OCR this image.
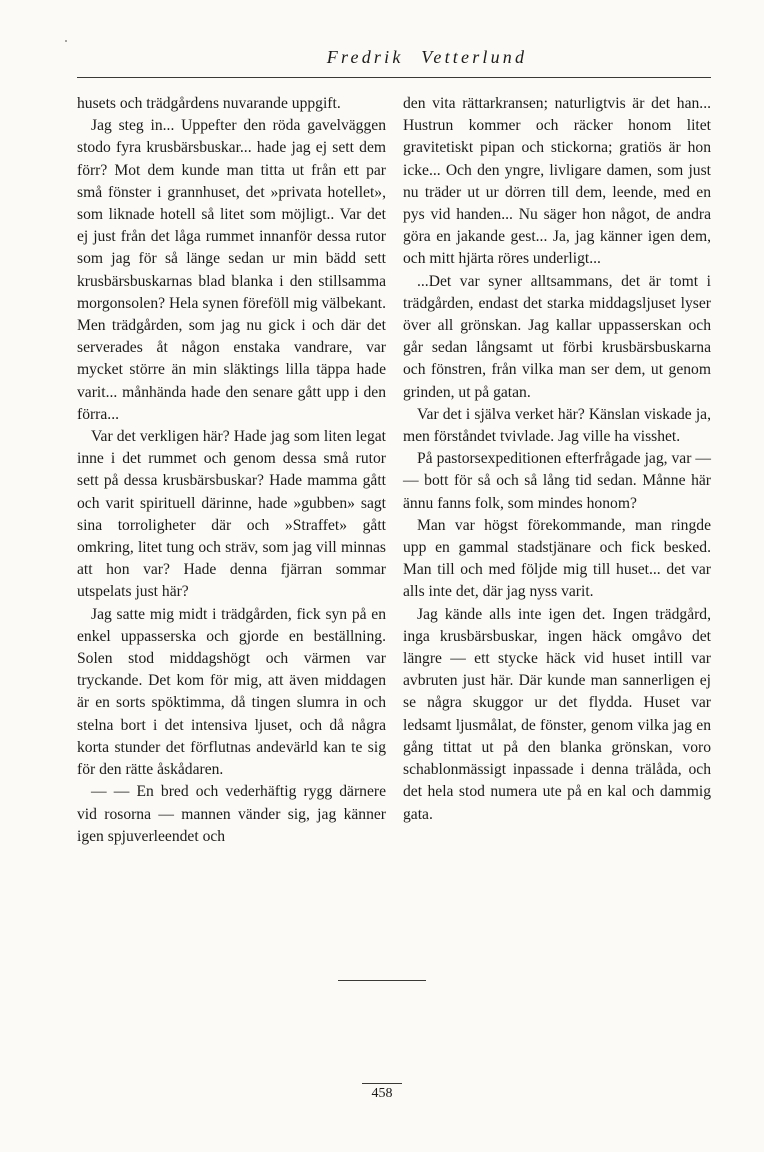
Fredrik Vetterlund

husets och trädgårdens nuvarande uppgift.

Jag steg in... Uppefter den röda gavelväggen stodo fyra krusbärsbuskar... hade jag ej sett dem förr? Mot dem kunde man titta ut från ett par små fönster i grannhuset, det »privata hotellet», som liknade hotell så litet som möjligt.. Var det ej just från det låga rummet innanför dessa rutor som jag för så länge sedan ur min bädd sett krusbärsbuskarnas blad blanka i den stillsamma morgonsolen? Hela synen föreföll mig välbekant. Men trädgården, som jag nu gick i och där det serverades åt någon enstaka vandrare, var mycket större än min släktings lilla täppa hade varit... månhända hade den senare gått upp i den förra...

Var det verkligen här? Hade jag som liten legat inne i det rummet och genom dessa små rutor sett på dessa krusbärsbuskar? Hade mamma gått och varit spirituell därinne, hade »gubben» sagt sina torroligheter där och »Straffet» gått omkring, litet tung och sträv, som jag vill minnas att hon var? Hade denna fjärran sommar utspelats just här?

Jag satte mig midt i trädgården, fick syn på en enkel uppasserska och gjorde en beställning. Solen stod middagshögt och värmen var tryckande. Det kom för mig, att även middagen är en sorts spöktimma, då tingen slumra in och stelna bort i det intensiva ljuset, och då några korta stunder det förflutnas andevärld kan te sig för den rätte åskådaren.

— — En bred och vederhäftig rygg därnere vid rosorna — mannen vänder sig, jag känner igen spjuverleendet och

den vita rättarkransen; naturligtvis är det han... Hustrun kommer och räcker honom litet gravitetiskt pipan och stickorna; gratiös är hon icke... Och den yngre, livligare damen, som just nu träder ut ur dörren till dem, leende, med en pys vid handen... Nu säger hon något, de andra göra en jakande gest... Ja, jag känner igen dem, och mitt hjärta röres underligt...

...Det var syner alltsammans, det är tomt i trädgården, endast det starka middagsljuset lyser över all grönskan. Jag kallar uppasserskan och går sedan långsamt ut förbi krusbärsbuskarna och fönstren, från vilka man ser dem, ut genom grinden, ut på gatan.

Var det i själva verket här? Känslan viskade ja, men förståndet tvivlade. Jag ville ha visshet.

På pastorsexpeditionen efterfrågade jag, var — — bott för så och så lång tid sedan. Månne här ännu fanns folk, som mindes honom?

Man var högst förekommande, man ringde upp en gammal stadstjänare och fick besked. Man till och med följde mig till huset... det var alls inte det, där jag nyss varit.

Jag kände alls inte igen det. Ingen trädgård, inga krusbärsbuskar, ingen häck omgåvo det längre — ett stycke häck vid huset intill var avbruten just här. Där kunde man sannerligen ej se några skuggor ur det flydda. Huset var ledsamt ljusmålat, de fönster, genom vilka jag en gång tittat ut på den blanka grönskan, voro schablonmässigt inpassade i denna trälåda, och det hela stod numera ute på en kal och dammig gata.

458
